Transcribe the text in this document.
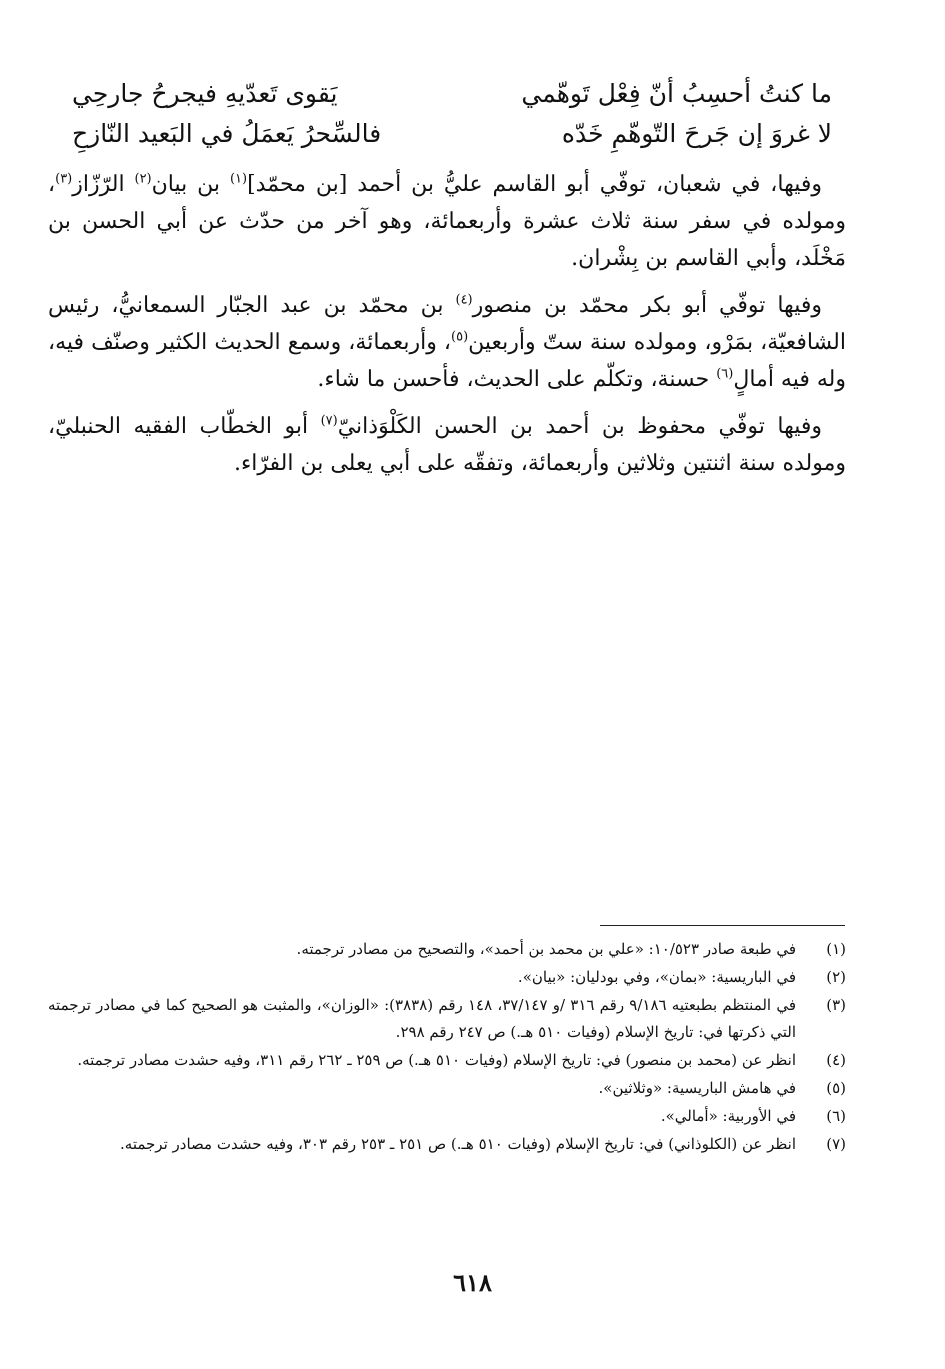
ما كنتُ أحسِبُ أنّ فِعْل تَوهّمي
يَقوى تَعدّيهِ فيجرحُ جارحِي
لا غروَ إن جَرحَ التّوهّمِ خَدّه
فالسِّحرُ يَعمَلُ في البَعيد النّازحِ

وفيها، في شعبان، توفّي أبو القاسم عليُّ بن أحمد [بن محمّد]$^{(١)}$ بن بيان$^{(٢)}$ الرّزّاز$^{(٣)}$، ومولده في سفر سنة ثلاث عشرة وأربعمائة، وهو آخر من حدّث عن أبي الحسن بن مَخْلَد، وأبي القاسم بن بِشْران.

وفيها توفّي أبو بكر محمّد بن منصور$^{(٤)}$ بن محمّد بن عبد الجبّار السمعانيُّ، رئيس الشافعيّة، بمَرْو، ومولده سنة ستّ وأربعين$^{(٥)}$، وأربعمائة، وسمع الحديث الكثير وصنّف فيه، وله فيه أمالٍ$^{(٦)}$ حسنة، وتكلّم على الحديث، فأحسن ما شاء.

وفيها توفّي محفوظ بن أحمد بن الحسن الكَلْوَذانيّ$^{(٧)}$ أبو الخطّاب الفقيه الحنبليّ، ومولده سنة اثنتين وثلاثين وأربعمائة، وتفقّه على أبي يعلى بن الفرّاء.

(١)
في طبعة صادر ١٠/٥٢٣: «علي بن محمد بن أحمد»، والتصحيح من مصادر ترجمته.
(٢)
في الباريسية: «بمان»، وفي بودليان: «بيان».
(٣)
في المنتظم بطبعتيه ٩/١٨٦ رقم ٣١٦ /و ٣٧/١٤٧، ١٤٨ رقم (٣٨٣٨): «الوزان»، والمثبت هو الصحيح كما في مصادر ترجمته التي ذكرتها في: تاريخ الإسلام (وفيات ٥١٠ هـ.) ص ٢٤٧ رقم ٢٩٨.
(٤)
انظر عن (محمد بن منصور) في: تاريخ الإسلام (وفيات ٥١٠ هـ.) ص ٢٥٩ ـ ٢٦٢ رقم ٣١١، وفيه حشدت مصادر ترجمته.
(٥)
في هامش الباريسية: «وثلاثين».
(٦)
في الأوربية: «أمالي».
(٧)
انظر عن (الكلوذاني) في: تاريخ الإسلام (وفيات ٥١٠ هـ.) ص ٢٥١ ـ ٢٥٣ رقم ٣٠٣، وفيه حشدت مصادر ترجمته.
٦١٨
